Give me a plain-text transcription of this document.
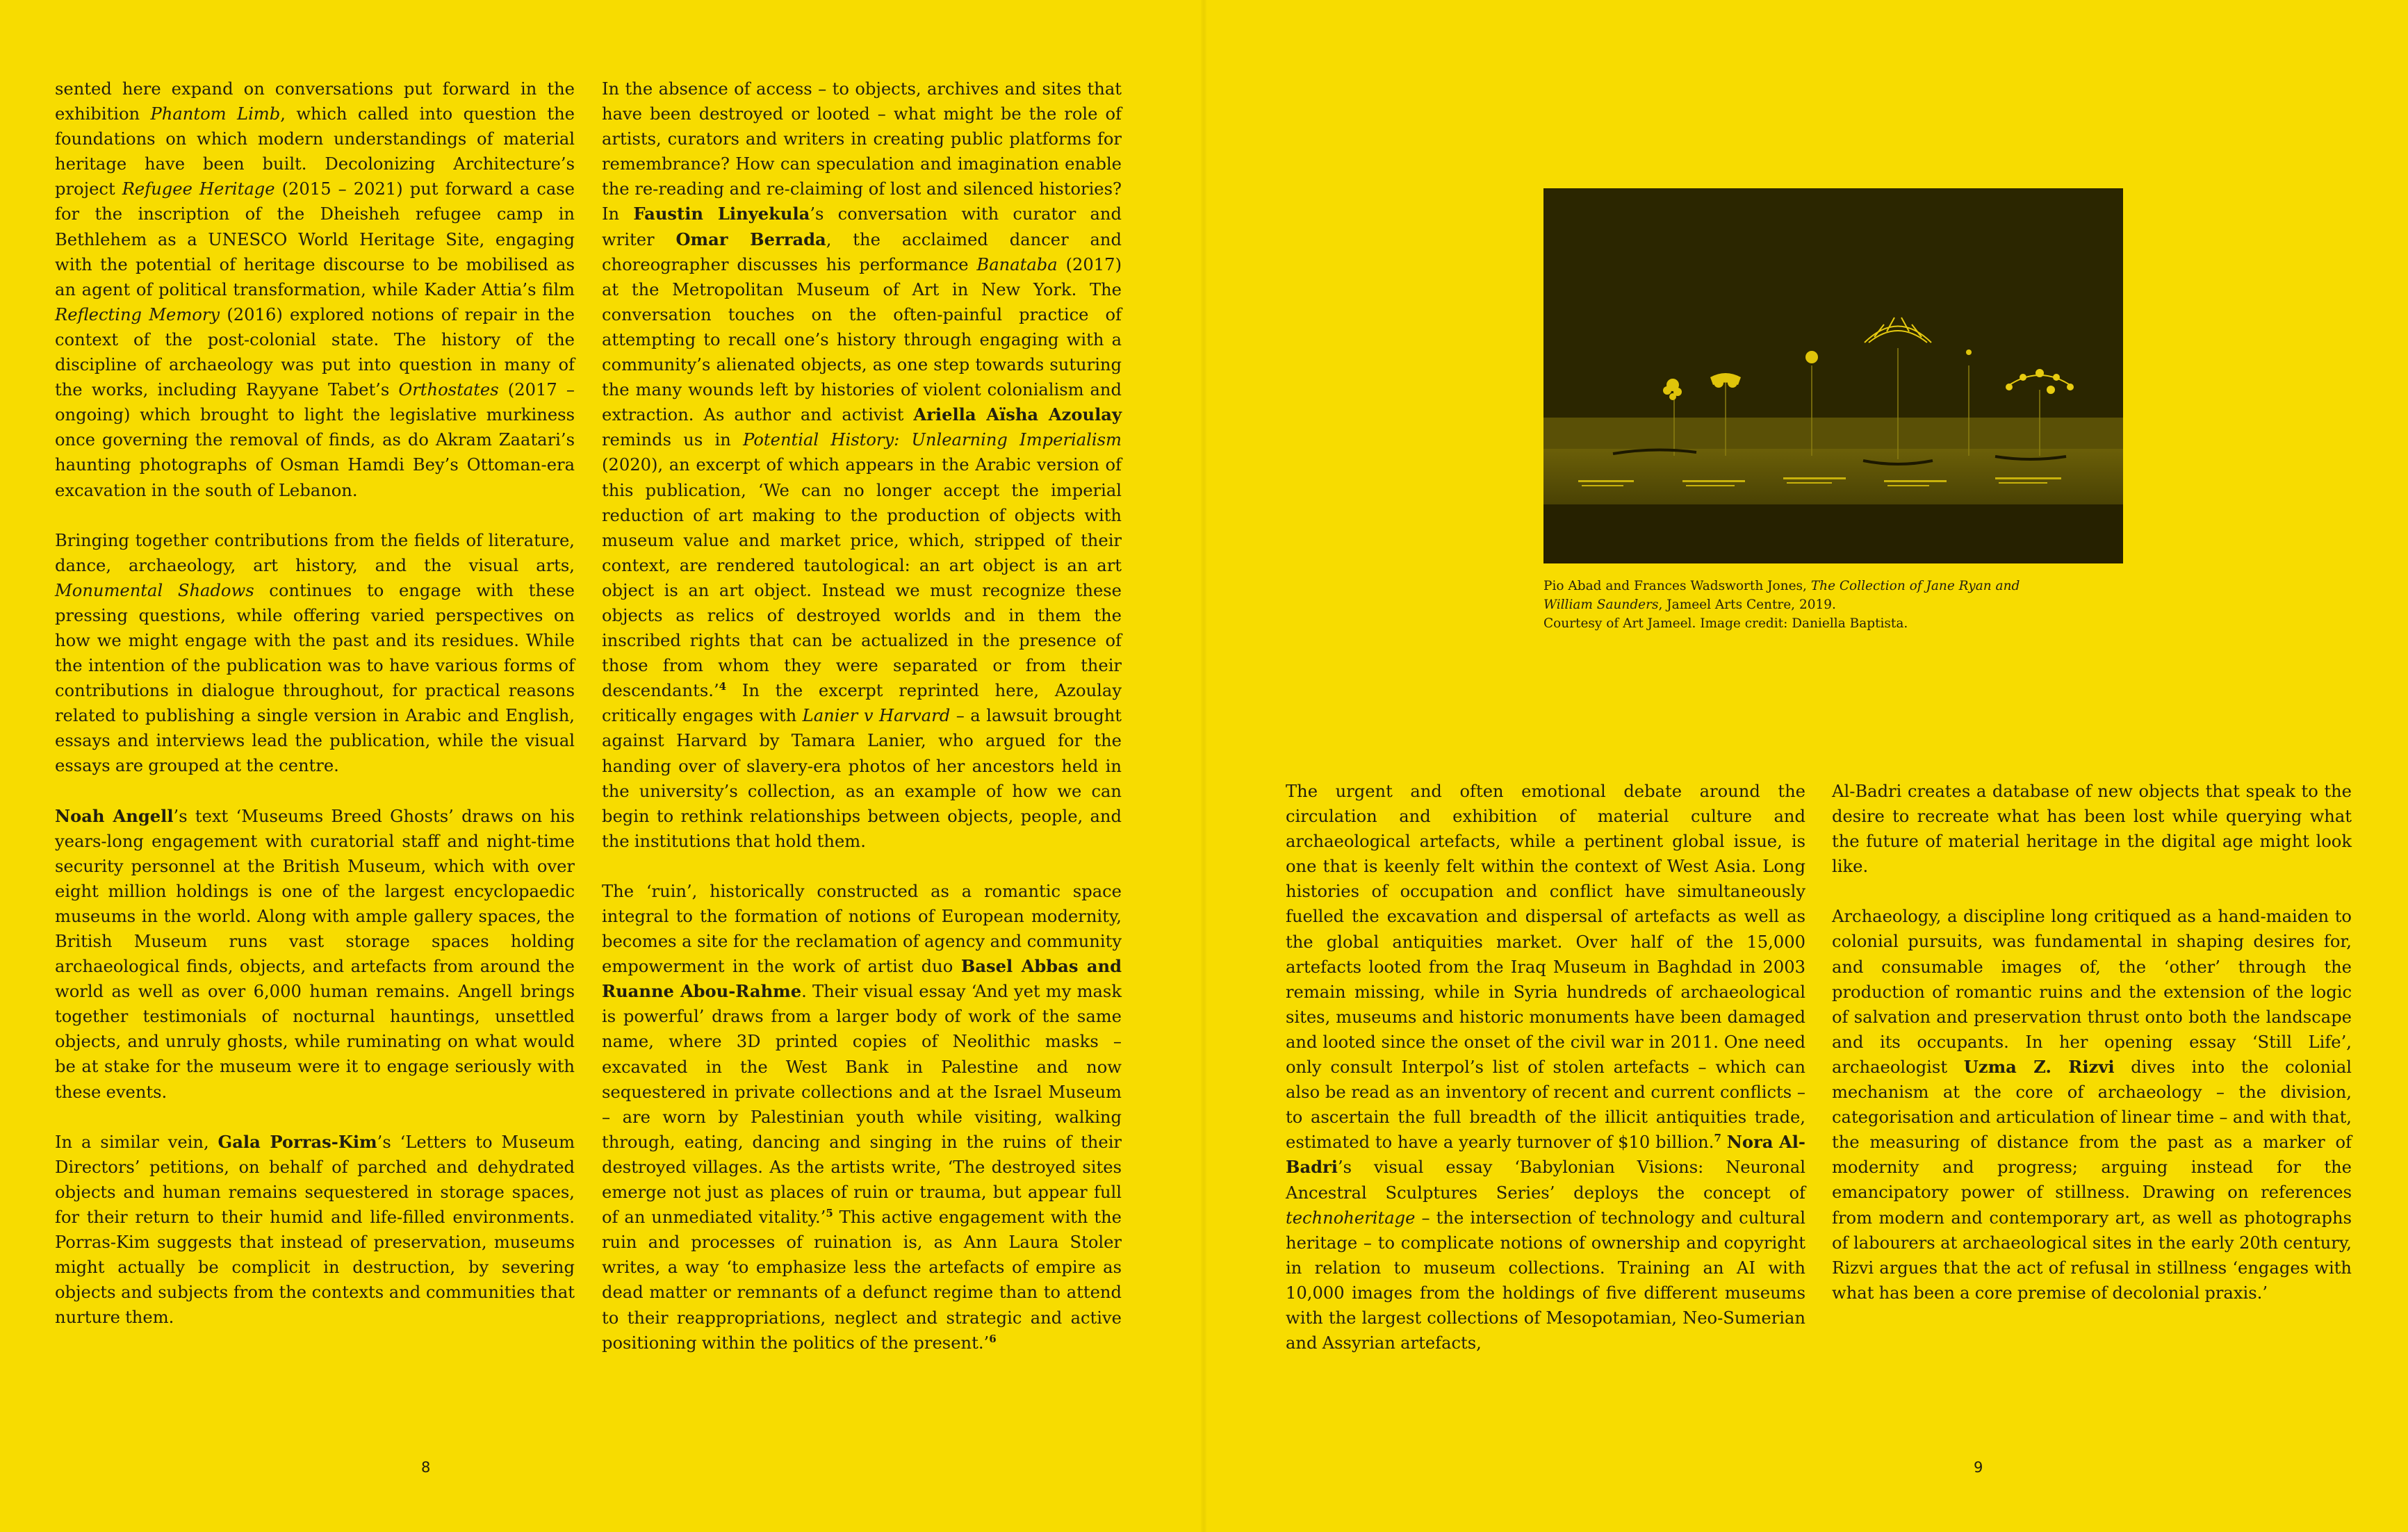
sented here expand on conversations put forward in the exhibition Phantom Limb, which called into question the foundations on which modern understandings of material heritage have been built. Decolonizing Architecture’s project Refugee Heritage (2015 – 2021) put forward a case for the inscription of the Dheisheh refugee camp in Bethlehem as a UNESCO World Heritage Site, engaging with the potential of heritage discourse to be mobilised as an agent of political transformation, while Kader Attia’s film Reflecting Memory (2016) explored notions of repair in the context of the post-colonial state. The history of the discipline of archaeology was put into question in many of the works, including Rayyane Tabet’s Orthostates (2017 – ongoing) which brought to light the legislative murkiness once governing the removal of finds, as do Akram Zaatari’s haunting photographs of Osman Hamdi Bey’s Ottoman-era excavation in the south of Lebanon.

Bringing together contributions from the fields of literature, dance, archaeology, art history, and the visual arts, Monumental Shadows continues to engage with these pressing questions, while offering varied perspectives on how we might engage with the past and its residues. While the intention of the publication was to have various forms of contributions in dialogue throughout, for practical reasons related to publishing a single version in Arabic and English, essays and interviews lead the publication, while the visual essays are grouped at the centre.

Noah Angell’s text ‘Museums Breed Ghosts’ draws on his years-long engagement with curatorial staff and night-time security personnel at the British Museum, which with over eight million holdings is one of the largest encyclopaedic museums in the world. Along with ample gallery spaces, the British Museum runs vast storage spaces holding archaeological finds, objects, and artefacts from around the world as well as over 6,000 human remains. Angell brings together testimonials of nocturnal hauntings, unsettled objects, and unruly ghosts, while ruminating on what would be at stake for the museum were it to engage seriously with these events.

In a similar vein, Gala Porras-Kim’s ‘Letters to Museum Directors’ petitions, on behalf of parched and dehydrated objects and human remains sequestered in storage spaces, for their return to their humid and life-filled environments. Porras-Kim suggests that instead of preservation, museums might actually be complicit in destruction, by severing objects and subjects from the contexts and communities that nurture them.

In the absence of access – to objects, archives and sites that have been destroyed or looted – what might be the role of artists, curators and writers in creating public platforms for remembrance? How can speculation and imagination enable the re-reading and re-claiming of lost and silenced histories? In Faustin Linyekula’s conversation with curator and writer Omar Berrada, the acclaimed dancer and choreographer discusses his performance Banataba (2017) at the Metropolitan Museum of Art in New York. The conversation touches on the often-painful practice of attempting to recall one’s history through engaging with a community’s alienated objects, as one step towards suturing the many wounds left by histories of violent colonialism and extraction. As author and activist Ariella Aïsha Azoulay reminds us in Potential History: Unlearning Imperialism (2020), an excerpt of which appears in the Arabic version of this publication, ‘We can no longer accept the imperial reduction of art making to the production of objects with museum value and market price, which, stripped of their context, are rendered tautological: an art object is an art object is an art object. Instead we must recognize these objects as relics of destroyed worlds and in them the inscribed rights that can be actualized in the presence of those from whom they were separated or from their descendants.’$^4$ In the excerpt reprinted here, Azoulay critically engages with Lanier v Harvard – a lawsuit brought against Harvard by Tamara Lanier, who argued for the handing over of slavery-era photos of her ancestors held in the university’s collection, as an example of how we can begin to rethink relationships between objects, people, and the institutions that hold them.

The ‘ruin’, historically constructed as a romantic space integral to the formation of notions of European modernity, becomes a site for the reclamation of agency and community empowerment in the work of artist duo Basel Abbas and Ruanne Abou-Rahme. Their visual essay ‘And yet my mask is powerful’ draws from a larger body of work of the same name, where 3D printed copies of Neolithic masks – excavated in the West Bank in Palestine and now sequestered in private collections and at the Israel Museum – are worn by Palestinian youth while visiting, walking through, eating, dancing and singing in the ruins of their destroyed villages. As the artists write, ‘The destroyed sites emerge not just as places of ruin or trauma, but appear full of an unmediated vitality.’$^5$ This active engagement with the ruin and processes of ruination is, as Ann Laura Stoler writes, a way ‘to emphasize less the artefacts of empire as dead matter or remnants of a defunct regime than to attend to their reappropriations, neglect and strategic and active positioning within the politics of the present.’$^6$

8
Pio Abad and Frances Wadsworth Jones, The Collection of Jane Ryan and
William Saunders, Jameel Arts Centre, 2019.
Courtesy of Art Jameel. Image credit: Daniella Baptista.

The urgent and often emotional debate around the circulation and exhibition of material culture and archaeological artefacts, while a pertinent global issue, is one that is keenly felt within the context of West Asia. Long histories of occupation and conflict have simultaneously fuelled the excavation and dispersal of artefacts as well as the global antiquities market. Over half of the 15,000 artefacts looted from the Iraq Museum in Baghdad in 2003 remain missing, while in Syria hundreds of archaeological sites, museums and historic monuments have been damaged and looted since the onset of the civil war in 2011. One need only consult Interpol’s list of stolen artefacts – which can also be read as an inventory of recent and current conflicts – to ascertain the full breadth of the illicit antiquities trade, estimated to have a yearly turnover of $10 billion.$^7$ Nora Al-Badri’s visual essay ‘Babylonian Visions: Neuronal Ancestral Sculptures Series’ deploys the concept of technoheritage – the intersection of technology and cultural heritage – to complicate notions of ownership and copyright in relation to museum collections. Training an AI with 10,000 images from the holdings of five different museums with the largest collections of Mesopotamian, Neo-Sumerian and Assyrian artefacts,

Al-Badri creates a database of new objects that speak to the desire to recreate what has been lost while querying what the future of material heritage in the digital age might look like.

Archaeology, a discipline long critiqued as a hand-maiden to colonial pursuits, was fundamental in shaping desires for, and consumable images of, the ‘other’ through the production of romantic ruins and the extension of the logic of salvation and preservation thrust onto both the landscape and its occupants. In her opening essay ‘Still Life’, archaeologist Uzma Z. Rizvi dives into the colonial mechanism at the core of archaeology – the division, categorisation and articulation of linear time – and with that, the measuring of distance from the past as a marker of modernity and progress; arguing instead for the emancipatory power of stillness. Drawing on references from modern and contemporary art, as well as photographs of labourers at archaeological sites in the early 20th century, Rizvi argues that the act of refusal in stillness ‘engages with what has been a core premise of decolonial praxis.’

9
